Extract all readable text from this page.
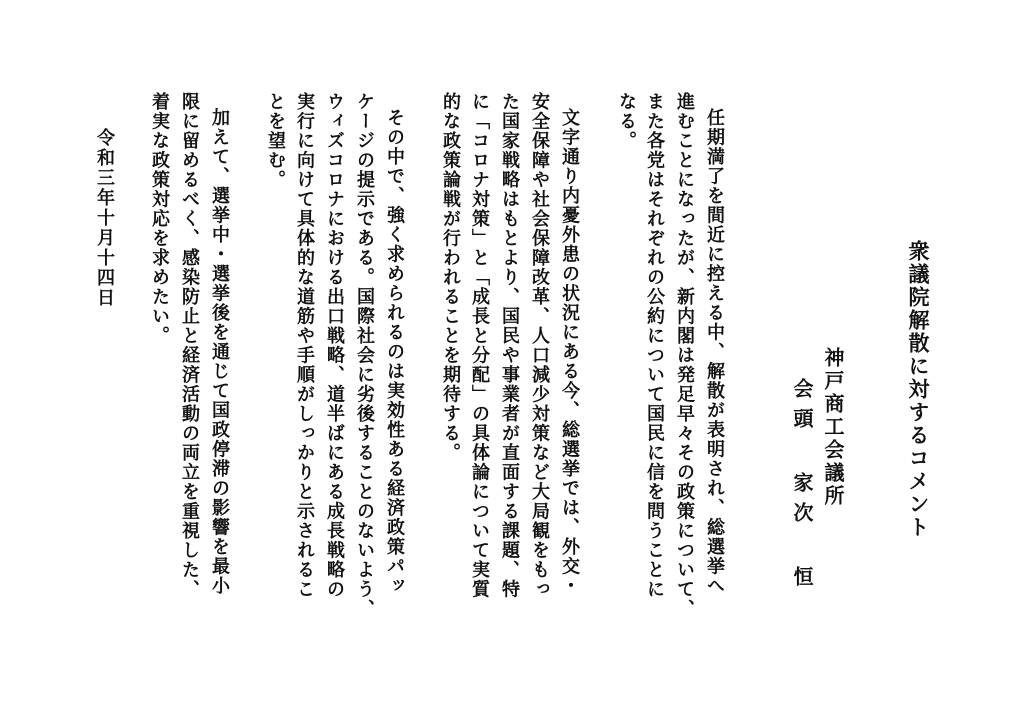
衆議院解散に対するコメント
神戸商工会議所
会頭 家次 恒
任期満了を間近に控える中、解散が表明され、総選挙へ
進むことになったが、新内閣は発足早々その政策について、
また各党はそれぞれの公約について国民に信を問うことに
なる。
文字通り内憂外患の状況にある今、総選挙では、外交・
安全保障や社会保障改革、人口減少対策など大局観をもっ
た国家戦略はもとより、国民や事業者が直面する課題、特
に「コロナ対策」と「成長と分配」の具体論について実質
的な政策論戦が行われることを期待する。
その中で、強く求められるのは実効性ある経済政策パッ
ケージの提示である。国際社会に劣後することのないよう、
ウィズコロナにおける出口戦略、道半ばにある成長戦略の
実行に向けて具体的な道筋や手順がしっかりと示されるこ
とを望む。
加えて、選挙中・選挙後を通じて国政停滞の影響を最小
限に留めるべく、感染防止と経済活動の両立を重視した、
着実な政策対応を求めたい。
令和三年十月十四日
